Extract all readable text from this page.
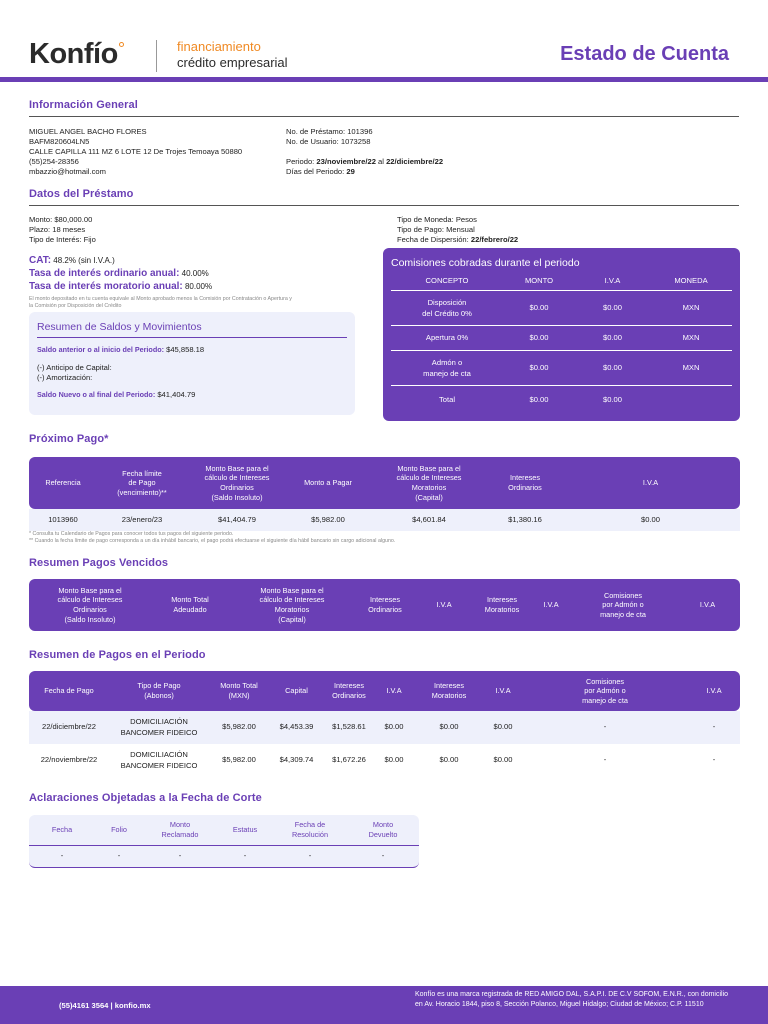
Konfío	financiamiento
crédito empresarial	Estado de Cuenta
Información General
MIGUEL ANGEL BACHO FLORES
BAFM820604LN5
CALLE CAPILLA 111 MZ 6 LOTE 12 De Trojes Temoaya 50880
(55)254-28356
mbazzio@hotmail.com
No. de Préstamo: 101396
No. de Usuario: 1073258
Periodo: 23/noviembre/22 al 22/diciembre/22
Días del Periodo: 29
Datos del Préstamo
Monto: $80,000.00
Plazo: 18 meses
Tipo de Interés: Fijo
Tipo de Moneda: Pesos
Tipo de Pago: Mensual
Fecha de Dispersión: 22/febrero/22
CAT: 48.2% (sin I.V.A.)
Tasa de interés ordinario anual: 40.00%
Tasa de interés moratorio anual: 80.00%
El monto depositado en tu cuenta equivale al Monto aprobado menos la Comisión por Contratación o Apertura y
la Comisión por Disposición del Crédito
Comisiones cobradas durante el periodo
CONCEPTO	MONTO	I.V.A	MONEDA
Disposición
del Crédito 0%	$0.00	$0.00	MXN
Apertura 0%	$0.00	$0.00	MXN
Admón o
manejo de cta	$0.00	$0.00	MXN
Total	$0.00	$0.00	
Resumen de Saldos y Movimientos
Saldo anterior o al inicio del Periodo: $45,858.18
(-) Anticipo de Capital:
(-) Amortización:
Saldo Nuevo o al final del Periodo: $41,404.79
Próximo Pago*
Referencia	Fecha límite
de Pago
(vencimiento)**	Monto Base para el
cálculo de Intereses
Ordinarios
(Saldo Insoluto)	Monto a Pagar	Monto Base para el
cálculo de Intereses
Moratorios
(Capital)	Intereses
Ordinarios	I.V.A
1013960	23/enero/23	$41,404.79	$5,982.00	$4,601.84	$1,380.16	$0.00
* Consulta tu Calendario de Pagos para conocer todos tus pagos del siguiente periodo.
** Cuando la fecha límite de pago corresponda a un día inhábil bancario, el pago podrá efectuarse el siguiente día hábil bancario sin cargo adicional alguno.
Resumen Pagos Vencidos
Monto Base para el
cálculo de Intereses
Ordinarios
(Saldo Insoluto)	Monto Total
Adeudado	Monto Base para el
cálculo de Intereses
Moratorios
(Capital)	Intereses
Ordinarios	I.V.A	Intereses
Moratorios	I.V.A	Comisiones
por Admón o
manejo de cta	I.V.A
Resumen de Pagos en el Periodo
Fecha de Pago	Tipo de Pago
(Abonos)	Monto Total
(MXN)	Capital	Intereses
Ordinarios	I.V.A	Intereses
Moratorios	I.V.A	Comisiones
por Admón o
manejo de cta	I.V.A
22/diciembre/22	DOMICILIACIÓN
BANCOMER FIDEICO	$5,982.00	$4,453.39	$1,528.61	$0.00	$0.00	$0.00	-	-
22/noviembre/22	DOMICILIACIÓN
BANCOMER FIDEICO	$5,982.00	$4,309.74	$1,672.26	$0.00	$0.00	$0.00	-	-
Aclaraciones Objetadas a la Fecha de Corte
Fecha	Folio	Monto
Reclamado	Estatus	Fecha de
Resolución	Monto
Devuelto
-	-	-	-	-	-
(55)4161 3564 | konfio.mx
Konfío es una marca registrada de RED AMIGO DAL, S.A.P.I. DE C.V SOFOM, E.N.R., con domicilio en Av. Horacio 1844, piso 8, Sección Polanco, Miguel Hidalgo; Ciudad de México; C.P. 11510
